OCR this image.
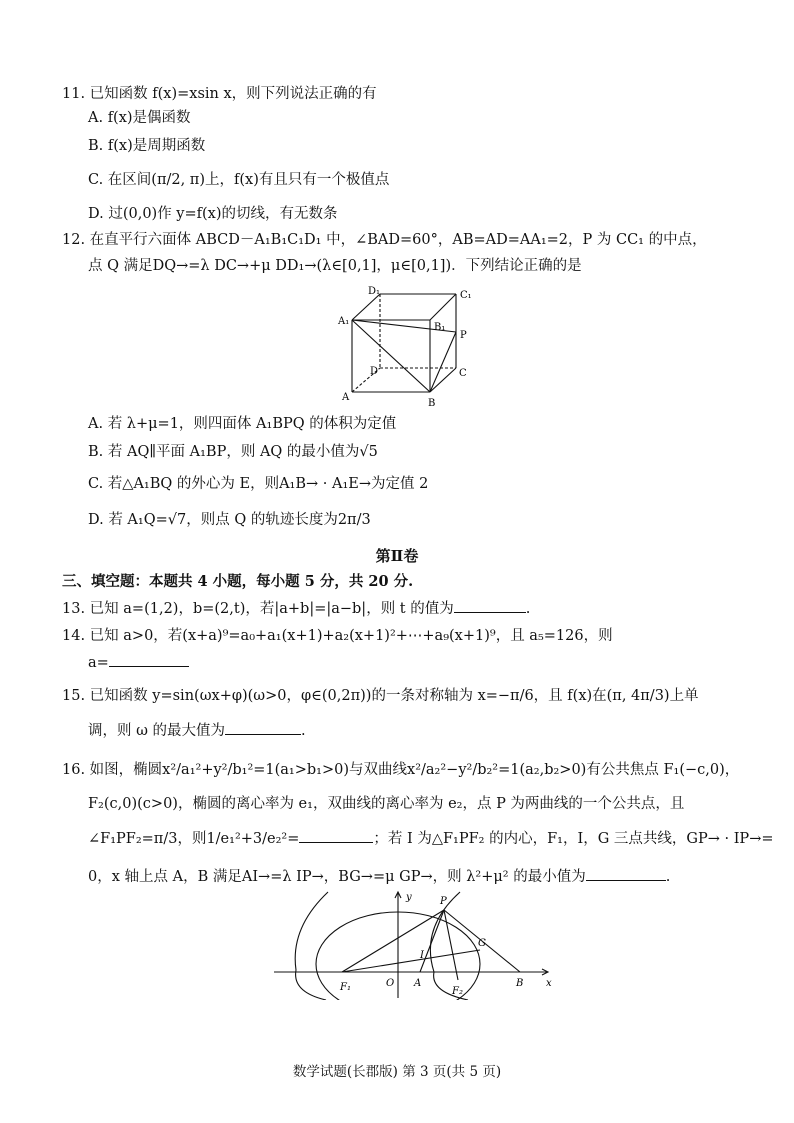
11. 已知函数 f(x)=xsin x，则下列说法正确的有
A. f(x)是偶函数
B. f(x)是周期函数
C. 在区间(π/2, π)上，f(x)有且只有一个极值点
D. 过(0,0)作 y=f(x)的切线，有无数条
12. 在直平行六面体 ABCD－A₁B₁C₁D₁ 中，∠BAD=60°，AB=AD=AA₁=2，P 为 CC₁ 的中点，
点 Q 满足DQ→=λ DC→+μ DD₁→(λ∈[0,1]，μ∈[0,1])．下列结论正确的是
D₁	C₁
A₁
B₁
P
D	C
A
B
A. 若 λ+μ=1，则四面体 A₁BPQ 的体积为定值
B. 若 AQ∥平面 A₁BP，则 AQ 的最小值为√5
C. 若△A₁BQ 的外心为 E，则A₁B→ · A₁E→为定值 2
D. 若 A₁Q=√7，则点 Q 的轨迹长度为2π/3
第Ⅱ卷
三、填空题：本题共 4 小题，每小题 5 分，共 20 分.
13. 已知 a=(1,2)，b=(2,t)，若|a+b|=|a−b|，则 t 的值为	.
14. 已知 a>0，若(x+a)⁹=a₀+a₁(x+1)+a₂(x+1)²+⋯+a₉(x+1)⁹，且 a₅=126，则
a=
15. 已知函数 y=sin(ωx+φ)(ω>0，φ∈(0,2π))的一条对称轴为 x=−π/6，且 f(x)在(π, 4π/3)上单
调，则 ω 的最大值为	.
16. 如图，椭圆x²/a₁²+y²/b₁²=1(a₁>b₁>0)与双曲线x²/a₂²−y²/b₂²=1(a₂,b₂>0)有公共焦点 F₁(−c,0)，
F₂(c,0)(c>0)，椭圆的离心率为 e₁，双曲线的离心率为 e₂，点 P 为两曲线的一个公共点，且
∠F₁PF₂=π/3，则1/e₁²+3/e₂²=	；若 I 为△F₁PF₂ 的内心，F₁，I，G 三点共线，GP→ · IP→=
0，x 轴上点 A，B 满足AI→=λ IP→，BG→=μ GP→，则 λ²+μ² 的最小值为	.
y
x
P
G
I
F₁	O A
F₂
B
数学试题(长郡版) 第 3 页(共 5 页)
